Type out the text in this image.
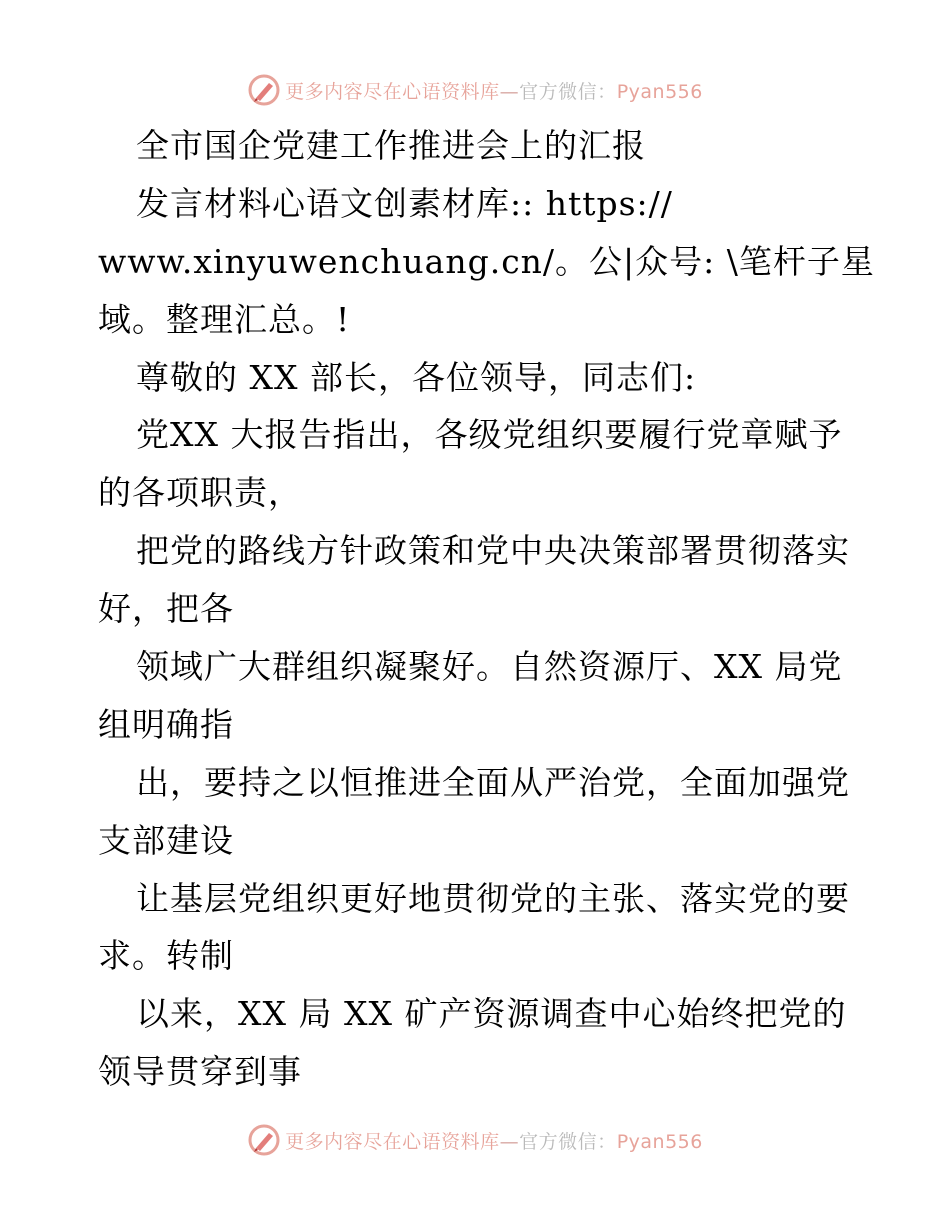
更多内容尽在心语资料库—官方微信：Pyan556
全市国企党建工作推进会上的汇报
发言材料心语文创素材库:: https://
www.xinyuwenchuang.cn/。公|众号: \笔杆子星
域。整理汇总。!
尊敬的 XX 部长，各位领导，同志们:
党XX 大报告指出，各级党组织要履行党章赋予
的各项职责，
把党的路线方针政策和党中央决策部署贯彻落实
好，把各
领域广大群组织凝聚好。自然资源厅、XX 局党
组明确指
出，要持之以恒推进全面从严治党，全面加强党
支部建设
让基层党组织更好地贯彻党的主张、落实党的要
求。转制
以来，XX 局 XX 矿产资源调查中心始终把党的
领导贯穿到事
更多内容尽在心语资料库—官方微信：Pyan556
